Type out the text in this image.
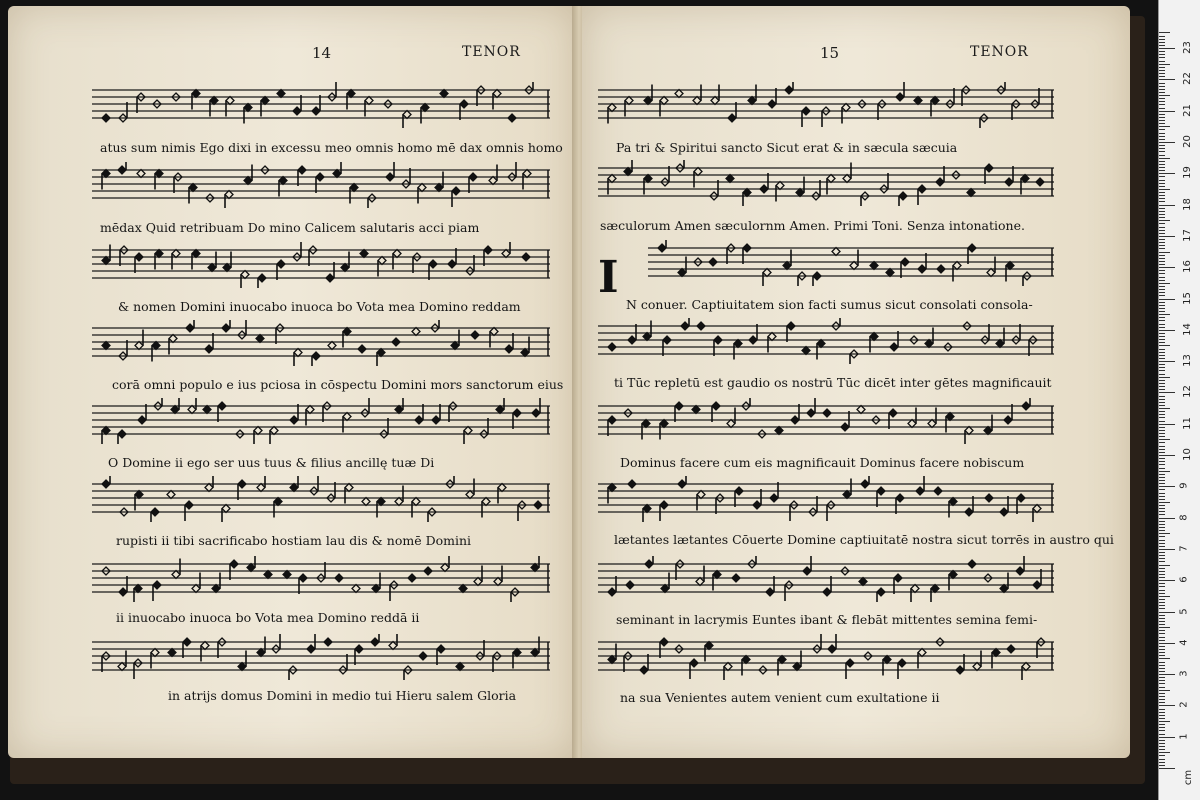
14	TENOR	15	TENOR
I
atus sum nimis Ego dixi in excessu meo omnis homo mē dax omnis homo
mēdax Quid retribuam Do mino Calicem salutaris acci piam
& nomen Domini inuocabo inuoca bo Vota mea Domino reddam
corā omni populo e ius pciosa in cōspectu Domini mors sanctorum eius
O Domine ii ego ser uus tuus & filius ancillę tuæ Di
rupisti ii tibi sacrificabo hostiam lau dis & nomē Domini
ii inuocabo inuoca bo Vota mea Domino reddā ii
in atrijs domus Domini in medio tui Hieru salem Gloria
Pa tri & Spiritui sancto Sicut erat & in sæcula sæcuia
sæculorum Amen sæculornm Amen. Primi Toni. Senza intonatione.
N conuer. Captiuitatem sion facti sumus sicut consolati consola-
ti Tūc repletū est gaudio os nostrū Tūc dicēt inter gētes magnificauit
Dominus facere cum eis magnificauit Dominus facere nobiscum
lætantes lætantes Cōuerte Domine captiuitatē nostra sicut torrēs in austro qui
seminant in lacrymis Euntes ibant & flebāt mittentes semina femi-
na sua Venientes autem venient cum exultatione ii
1
2
3
4
5
6
7
8
9
10
11
12
13
14
15
16
17
18
19
20
21
22
23
cm
